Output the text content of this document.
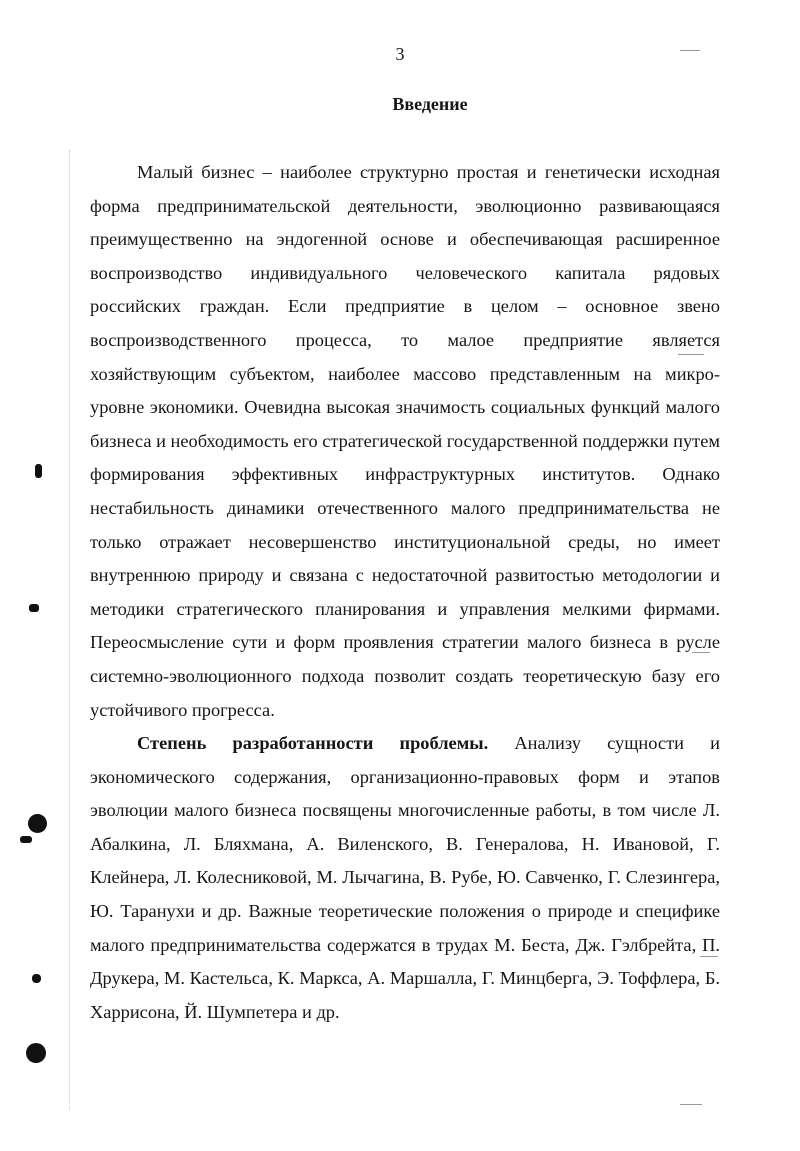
3
Введение

Малый бизнес – наиболее структурно простая и генетически исходная форма предпринимательской деятельности, эволюционно развивающаяся преимущественно на эндогенной основе и обеспечивающая расширенное воспроизводство индивидуального человеческого капитала рядовых российских граждан. Если предприятие в целом – основное звено воспроизводственного процесса, то малое предприятие является хозяйствующим субъектом, наиболее массово представленным на микро-уровне экономики. Очевидна высокая значимость социальных функций малого бизнеса и необходимость его стратегической государственной поддержки путем формирования эффективных инфраструктурных институтов. Однако нестабильность динамики отечественного малого предпринимательства не только отражает несовершенство институциональной среды, но имеет внутреннюю природу и связана с недостаточной развитостью методологии и методики стратегического планирования и управления мелкими фирмами. Переосмысление сути и форм проявления стратегии малого бизнеса в русле системно-эволюционного подхода позволит создать теоретическую базу его устойчивого прогресса.

Степень разработанности проблемы. Анализу сущности и экономического содержания, организационно-правовых форм и этапов эволюции малого бизнеса посвящены многочисленные работы, в том числе Л. Абалкина, Л. Бляхмана, А. Виленского, В. Генералова, Н. Ивановой, Г. Клейнера, Л. Колесниковой, М. Лычагина, В. Рубе, Ю. Савченко, Г. Слезингера, Ю. Таранухи и др. Важные теоретические положения о природе и специфике малого предпринимательства содержатся в трудах М. Беста, Дж. Гэлбрейта, П. Друкера, М. Кастельса, К. Маркса, А. Маршалла, Г. Минцберга, Э. Тоффлера, Б. Харрисона, Й. Шумпетера и др.
